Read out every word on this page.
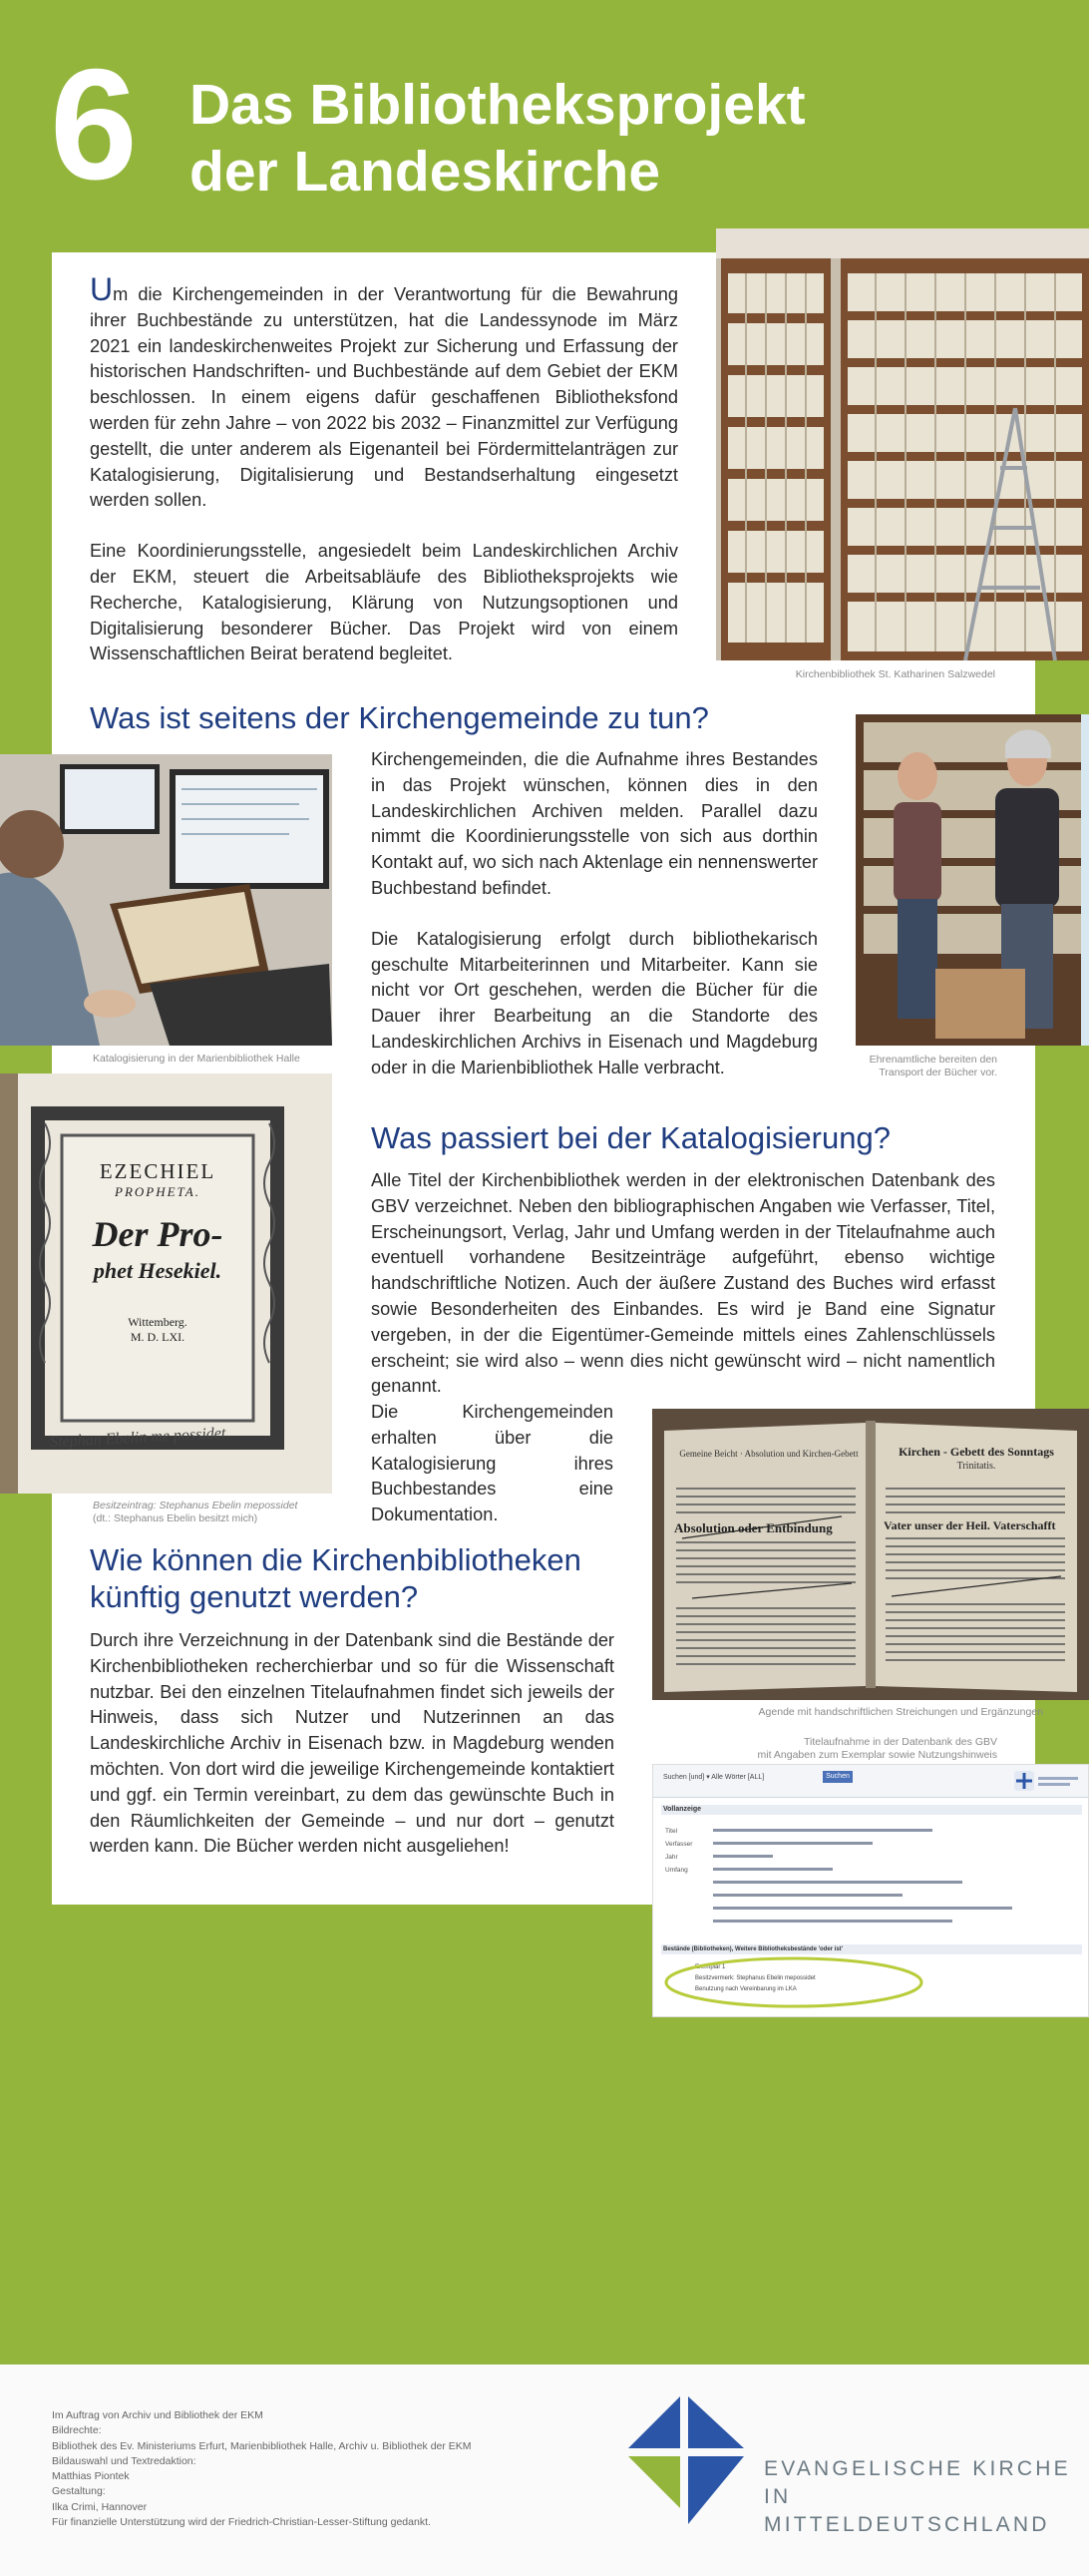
6 Das Bibliotheksprojekt
der Landeskirche

Um die Kirchengemeinden in der Verantwortung für die Bewahrung ihrer Buchbestände zu unterstützen, hat die Landessynode im März 2021 ein landeskirchenweites Projekt zur Sicherung und Erfassung der historischen Handschriften- und Buchbestände auf dem Gebiet der EKM beschlossen. In einem eigens dafür geschaffenen Bibliotheksfond werden für zehn Jahre – von 2022 bis 2032 – Finanzmittel zur Verfügung gestellt, die unter anderem als Eigenanteil bei Fördermittelanträgen zur Katalogisierung, Digitalisierung und Bestandserhaltung eingesetzt werden sollen.

Eine Koordinierungsstelle, angesiedelt beim Landeskirchlichen Archiv der EKM, steuert die Arbeitsabläufe des Bibliotheksprojekts wie Recherche, Katalogisierung, Klärung von Nutzungsoptionen und Digitalisierung besonderer Bücher. Das Projekt wird von einem Wissenschaftlichen Beirat beratend begleitet.

Kirchenbibliothek St. Katharinen Salzwedel
Was ist seitens der Kirchengemeinde zu tun?
Katalogisierung in der Marienbibliothek Halle

Kirchengemeinden, die die Aufnahme ihres Bestandes in das Projekt wünschen, können dies in den Landeskirchlichen Archiven melden. Parallel dazu nimmt die Koordinierungsstelle von sich aus dorthin Kontakt auf, wo sich nach Aktenlage ein nennenswerter Buchbestand befindet.

Die Katalogisierung erfolgt durch bibliothekarisch geschulte Mitarbeiterinnen und Mitarbeiter. Kann sie nicht vor Ort geschehen, werden die Bücher für die Dauer ihrer Bearbeitung an die Standorte des Landeskirchlichen Archivs in Eisenach und Magdeburg oder in die Marienbibliothek Halle verbracht.	Ehrenamtliche bereiten den
Transport der Bücher vor.
EZECHIEL
PROPHETA.
Der Pro-
phet Hesekiel.
Wittemberg.
M. D. LXI.
Stephan Ebelin me possidet
Besitzeintrag: Stephanus Ebelin mepossidet
(dt.: Stephanus Ebelin besitzt mich)
Was passiert bei der Katalogisierung?
Alle Titel der Kirchenbibliothek werden in der elektronischen Datenbank des GBV verzeichnet. Neben den bibliographischen Angaben wie Verfasser, Titel, Erscheinungsort, Verlag, Jahr und Umfang werden in der Titelaufnahme auch eventuell vorhandene Besitzeinträge aufgeführt, ebenso wichtige handschriftliche Notizen. Auch der äußere Zustand des Buches wird erfasst sowie Besonderheiten des Einbandes. Es wird je Band eine Signatur vergeben, in der die Eigentümer-Gemeinde mittels eines Zahlenschlüssels erscheint; sie wird also – wenn dies nicht gewünscht wird – nicht namentlich genannt.
Die Kirchengemeinden erhalten über die Katalogisierung ihres Buchbestandes eine Dokumentation.
Gemeine Beicht · Absolution und Kirchen-Gebett
Absolution oder Entbindung
Kirchen - Gebett des Sonntags
Trinitatis.
Vater unser der Heil. Vaterschafft
Agende mit handschriftlichen Streichungen und Ergänzungen
Wie können die Kirchenbibliotheken
künftig genutzt werden?
Durch ihre Verzeichnung in der Datenbank sind die Bestände der Kirchenbibliotheken recherchierbar und so für die Wissenschaft nutzbar. Bei den einzelnen Titelaufnahmen findet sich jeweils der Hinweis, dass sich Nutzer und Nutzerinnen an das Landeskirchliche Archiv in Eisenach bzw. in Magdeburg wenden möchten. Von dort wird die jeweilige Kirchengemeinde kontaktiert und ggf. ein Termin vereinbart, zu dem das gewünschte Buch in den Räumlichkeiten der Gemeinde – und nur dort – genutzt werden kann. Die Bücher werden nicht ausgeliehen!
Titelaufnahme in der Datenbank des GBV
mit Angaben zum Exemplar sowie Nutzungshinweis
Suchen [und] ▾ Alle Wörter [ALL]	Suchen
Vollanzeige
Titel
Verfasser
Jahr
Umfang
Bestände (Bibliotheken), Weitere Bibliotheksbestände 'oder ist'
Exemplar 1
Besitzvermerk: Stephanus Ebelin mepossidet
Benutzung nach Vereinbarung im LKA
Im Auftrag von Archiv und Bibliothek der EKM
Bildrechte:
Bibliothek des Ev. Ministeriums Erfurt, Marienbibliothek Halle, Archiv u. Bibliothek der EKM
Bildauswahl und Textredaktion:
Matthias Piontek
Gestaltung:
Ilka Crimi, Hannover
Für finanzielle Unterstützung wird der Friedrich-Christian-Lesser-Stiftung gedankt.
EVANGELISCHE KIRCHE
IN MITTELDEUTSCHLAND
